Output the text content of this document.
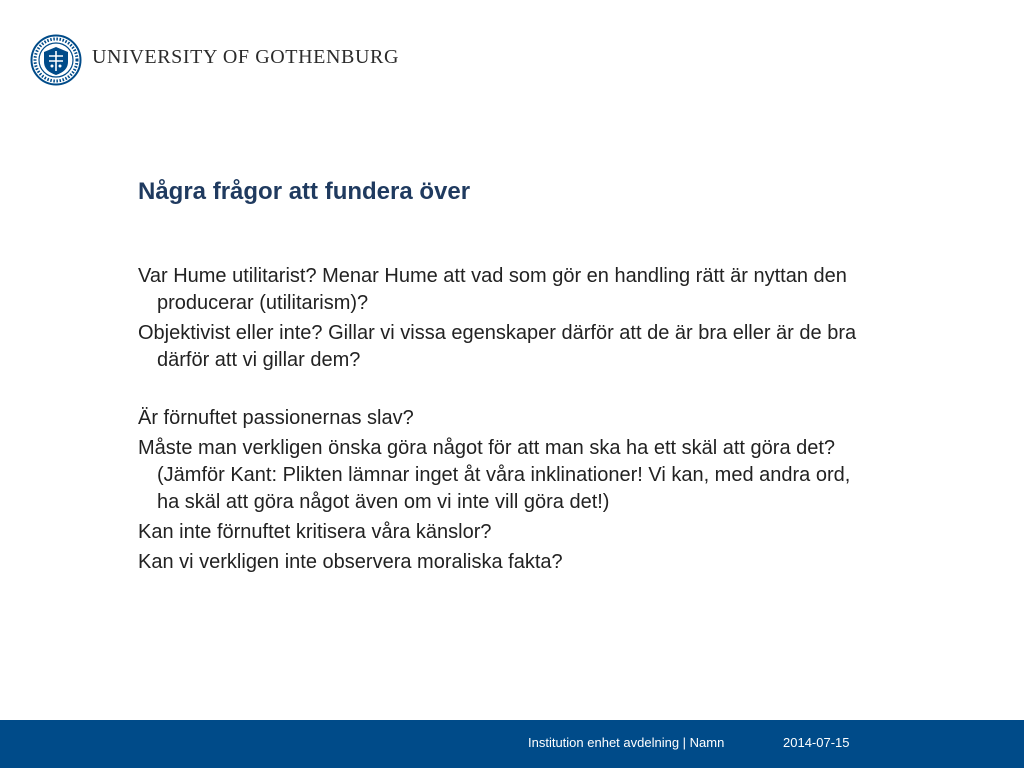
UNIVERSITY OF GOTHENBURG
Några frågor att fundera över

Var Hume utilitarist? Menar Hume att vad som gör en handling rätt är nyttan den producerar (utilitarism)?

Objektivist eller inte? Gillar vi vissa egenskaper därför att de är bra eller är de bra därför att vi gillar dem?

Är förnuftet passionernas slav?

Måste man verkligen önska göra något för att man ska ha ett skäl att göra det? (Jämför Kant: Plikten lämnar inget åt våra inklinationer! Vi kan, med andra ord, ha skäl att göra något även om vi inte vill göra det!)

Kan inte förnuftet kritisera våra känslor?

Kan vi verkligen inte observera moraliska fakta?

Institution enhet avdelning | Namn	2014-07-15
